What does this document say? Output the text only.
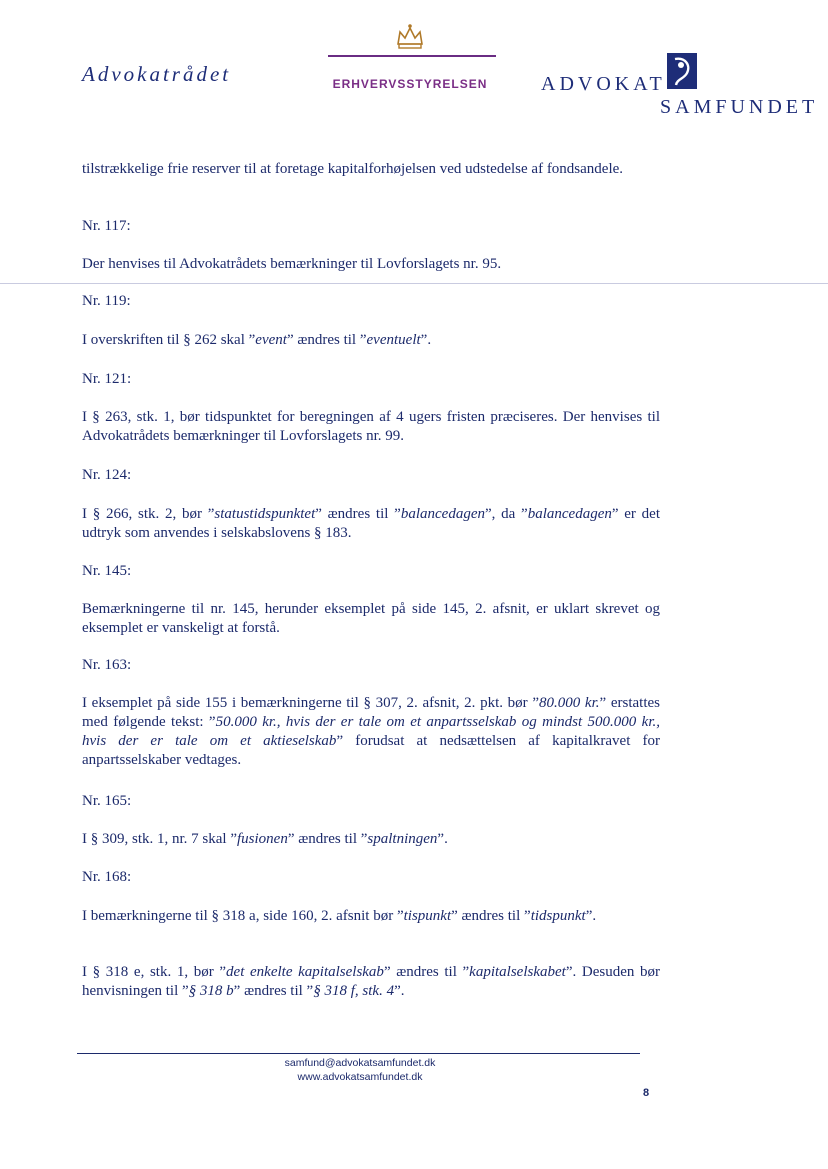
Advokatrådet	ERHVERVSSTYRELSEN	ADVOKAT
SAMFUNDET
tilstrækkelige frie reserver til at foretage kapitalforhøjelsen ved udstedelse af fondsandele.
Nr. 117:
Der henvises til Advokatrådets bemærkninger til Lovforslagets nr. 95.
Nr. 119:
I overskriften til § 262 skal ”event” ændres til ”eventuelt”.
Nr. 121:
I § 263, stk. 1, bør tidspunktet for beregningen af 4 ugers fristen præciseres. Der henvises til Advokatrådets bemærkninger til Lovforslagets nr. 99.
Nr. 124:
I § 266, stk. 2, bør ”statustidspunktet” ændres til ”balancedagen”, da ”balancedagen” er det udtryk som anvendes i selskabslovens § 183.
Nr. 145:
Bemærkningerne til nr. 145, herunder eksemplet på side 145, 2. afsnit, er uklart skrevet og eksemplet er vanskeligt at forstå.
Nr. 163:
I eksemplet på side 155 i bemærkningerne til § 307, 2. afsnit, 2. pkt. bør ”80.000 kr.” erstattes med følgende tekst: ”50.000 kr., hvis der er tale om et anpartsselskab og mindst 500.000 kr., hvis der er tale om et aktieselskab” forudsat at nedsættelsen af kapitalkravet for anpartsselskaber vedtages.
Nr. 165:
I § 309, stk. 1, nr. 7 skal ”fusionen” ændres til ”spaltningen”.
Nr. 168:
I bemærkningerne til § 318 a, side 160, 2. afsnit bør ”tispunkt” ændres til ”tidspunkt”.
I § 318 e, stk. 1, bør ”det enkelte kapitalselskab” ændres til ”kapitalselskabet”. Desuden bør henvisningen til ”§ 318 b” ændres til ”§ 318 f, stk. 4”.
samfund@advokatsamfundet.dk
www.advokatsamfundet.dk
8
